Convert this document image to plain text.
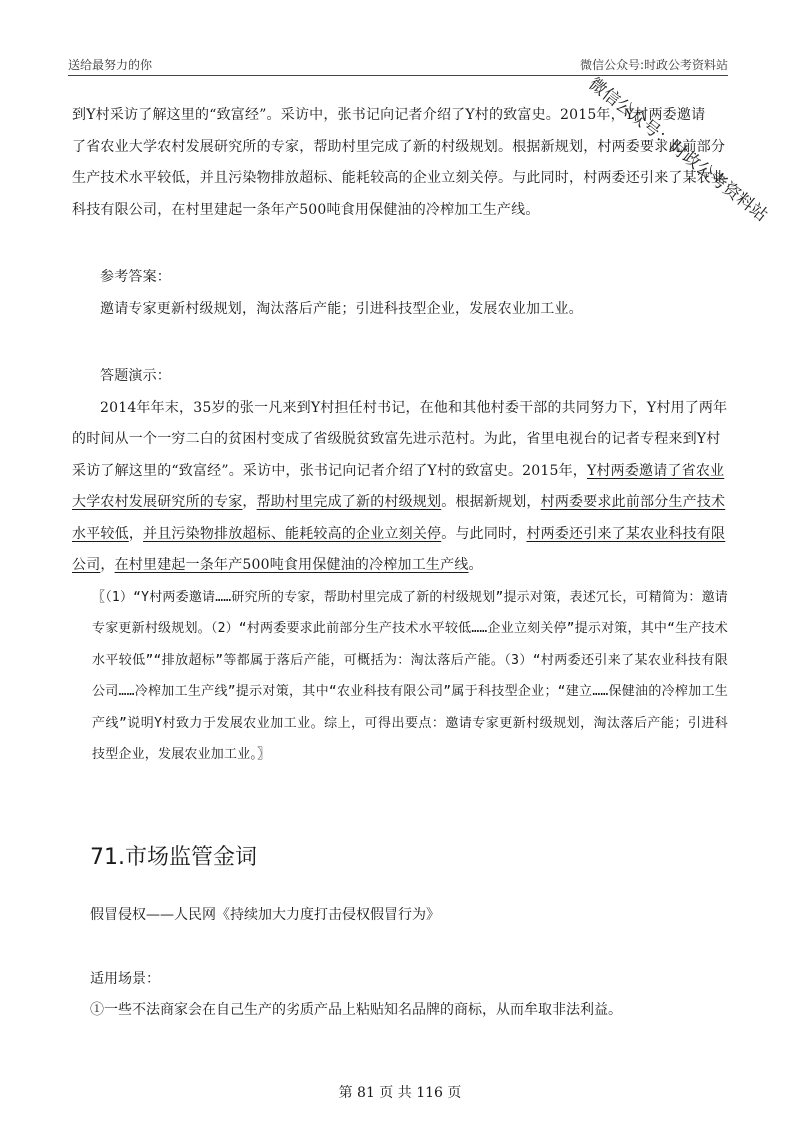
送给最努力的你	微信公众号:时政公考资料站
微信公众号：时政公考资料站

到Y村采访了解这里的“致富经”。采访中，张书记向记者介绍了Y村的致富史。2015年，Y村两委邀请

了省农业大学农村发展研究所的专家，帮助村里完成了新的村级规划。根据新规划，村两委要求此前部分

生产技术水平较低，并且污染物排放超标、能耗较高的企业立刻关停。与此同时，村两委还引来了某农业

科技有限公司，在村里建起一条年产500吨食用保健油的冷榨加工生产线。

参考答案：

邀请专家更新村级规划，淘汰落后产能；引进科技型企业，发展农业加工业。

答题演示：

2014年年末，35岁的张一凡来到Y村担任村书记，在他和其他村委干部的共同努力下，Y村用了两年的时间从一个一穷二白的贫困村变成了省级脱贫致富先进示范村。为此，省里电视台的记者专程来到Y村采访了解这里的“致富经”。采访中，张书记向记者介绍了Y村的致富史。2015年，Y村两委邀请了省农业大学农村发展研究所的专家，帮助村里完成了新的村级规划。根据新规划，村两委要求此前部分生产技术水平较低，并且污染物排放超标、能耗较高的企业立刻关停。与此同时，村两委还引来了某农业科技有限公司，在村里建起一条年产500吨食用保健油的冷榨加工生产线。

〖（1）“Y村两委邀请……研究所的专家，帮助村里完成了新的村级规划”提示对策，表述冗长，可精简为：邀请专家更新村级规划。（2）“村两委要求此前部分生产技术水平较低……企业立刻关停”提示对策，其中“生产技术水平较低”“排放超标”等都属于落后产能，可概括为：淘汰落后产能。（3）“村两委还引来了某农业科技有限公司……冷榨加工生产线”提示对策，其中“农业科技有限公司”属于科技型企业；“建立……保健油的冷榨加工生产线”说明Y村致力于发展农业加工业。综上，可得出要点：邀请专家更新村级规划，淘汰落后产能；引进科技型企业，发展农业加工业。〗

71.市场监管金词

假冒侵权——人民网《持续加大力度打击侵权假冒行为》

适用场景：

①一些不法商家会在自己生产的劣质产品上粘贴知名品牌的商标，从而牟取非法利益。

第 81 页 共 116 页
